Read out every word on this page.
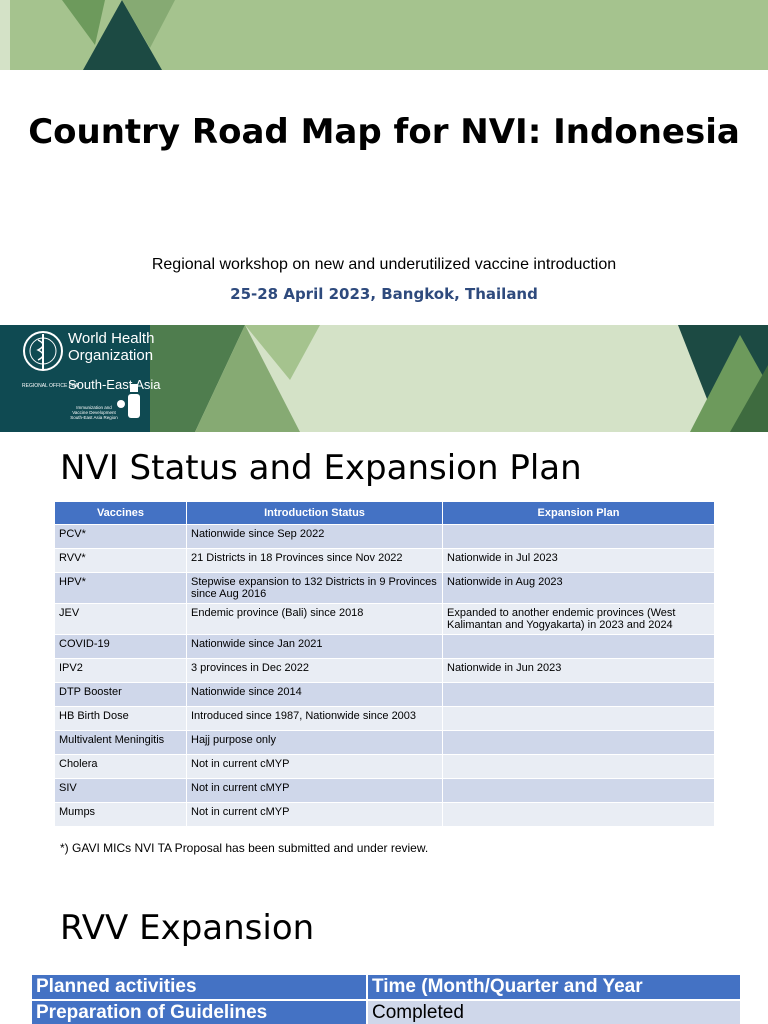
Country Road Map for NVI: Indonesia
Regional workshop on new and underutilized vaccine introduction
25-28 April 2023, Bangkok, Thailand
World Health
Organization
REGIONAL OFFICE FOR
South-East Asia
Immunization and
Vaccine Development
South-East Asia Region
NVI Status and Expansion Plan
Vaccines	Introduction Status	Expansion Plan
PCV*	Nationwide since Sep 2022	
RVV*	21 Districts in 18 Provinces since Nov 2022	Nationwide in Jul 2023
HPV*	Stepwise expansion to 132 Districts in 9 Provinces since Aug 2016	Nationwide in Aug 2023
JEV	Endemic province (Bali) since 2018	Expanded to another endemic provinces (West Kalimantan and Yogyakarta) in 2023 and 2024
COVID-19	Nationwide since Jan 2021	
IPV2	3 provinces in Dec 2022	Nationwide in Jun 2023
DTP Booster	Nationwide since 2014	
HB Birth Dose	Introduced since 1987, Nationwide since 2003	
Multivalent Meningitis	Hajj purpose only	
Cholera	Not in current cMYP	
SIV	Not in current cMYP	
Mumps	Not in current cMYP	
*) GAVI MICs NVI TA Proposal has been submitted and under review.
RVV Expansion
Planned activities	Time (Month/Quarter and Year
Preparation of Guidelines	Completed
